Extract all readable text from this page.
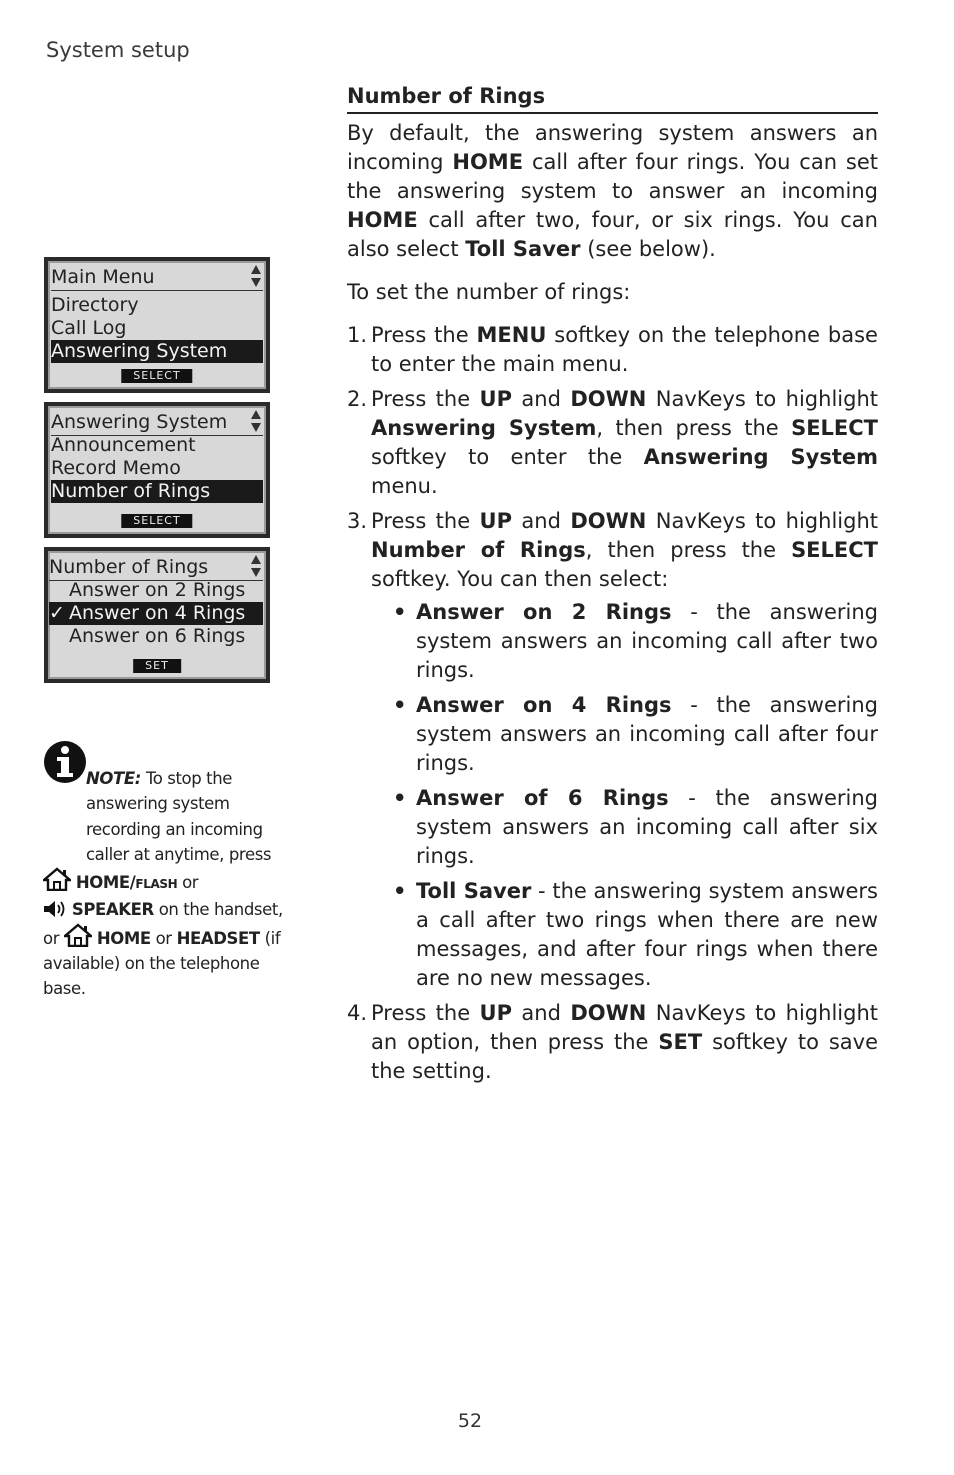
System setup
Main Menu
Directory
Call Log
Answering System
SELECT
Answering System
Announcement
Record Memo
Number of Rings
SELECT
Number of Rings
Answer on 2 Rings
✓ Answer on 4 Rings
Answer on 6 Rings
SET
NOTE: To stop the answering system recording an incoming caller at anytime, press
HOME/FLASH or
SPEAKER on the handset, or HOME or HEADSET (if available) on the telephone base.
Number of Rings

By default, the answering system answers an incoming HOME call after four rings. You can set the answering system to answer an incoming HOME call after two, four, or six rings. You can also select Toll Saver (see below).

To set the number of rings:

1. Press the MENU softkey on the telephone base to enter the main menu.
2. Press the UP and DOWN NavKeys to highlight Answering System, then press the SELECT softkey to enter the Answering System menu.
3. Press the UP and DOWN NavKeys to highlight Number of Rings, then press the SELECT softkey. You can then select:
• Answer on 2 Rings - the answering system answers an incoming call after two rings.
• Answer on 4 Rings - the answering system answers an incoming call after four rings.
• Answer of 6 Rings - the answering system answers an incoming call after six rings.
• Toll Saver - the answering system answers a call after two rings when there are new messages, and after four rings when there are no new messages.
4. Press the UP and DOWN NavKeys to highlight an option, then press the SET softkey to save the setting.
52
